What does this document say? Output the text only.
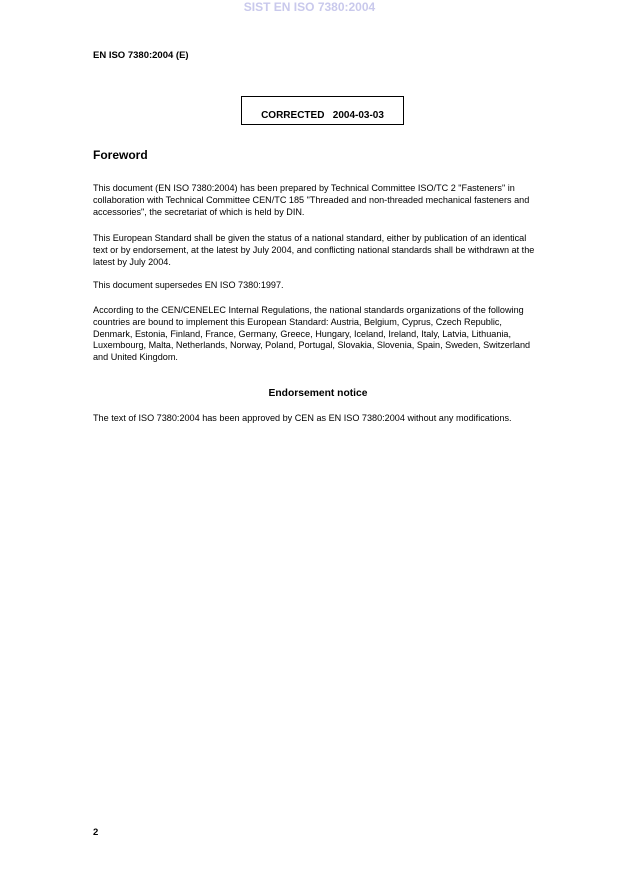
SIST EN ISO 7380:2004
EN ISO 7380:2004 (E)
CORRECTED
2004-03-03
Foreword

This document (EN ISO 7380:2004) has been prepared by Technical Committee ISO/TC 2 "Fasteners" in collaboration with Technical Committee CEN/TC 185 "Threaded and non-threaded mechanical fasteners and accessories", the secretariat of which is held by DIN.

This European Standard shall be given the status of a national standard, either by publication of an identical text or by endorsement, at the latest by July 2004, and conflicting national standards shall be withdrawn at the latest by July 2004.

This document supersedes EN ISO 7380:1997.

According to the CEN/CENELEC Internal Regulations, the national standards organizations of the following countries are bound to implement this European Standard: Austria, Belgium, Cyprus, Czech Republic, Denmark, Estonia, Finland, France, Germany, Greece, Hungary, Iceland, Ireland, Italy, Latvia, Lithuania, Luxembourg, Malta, Netherlands, Norway, Poland, Portugal, Slovakia, Slovenia, Spain, Sweden, Switzerland and United Kingdom.

Endorsement notice

The text of ISO 7380:2004 has been approved by CEN as EN ISO 7380:2004 without any modifications.

2
